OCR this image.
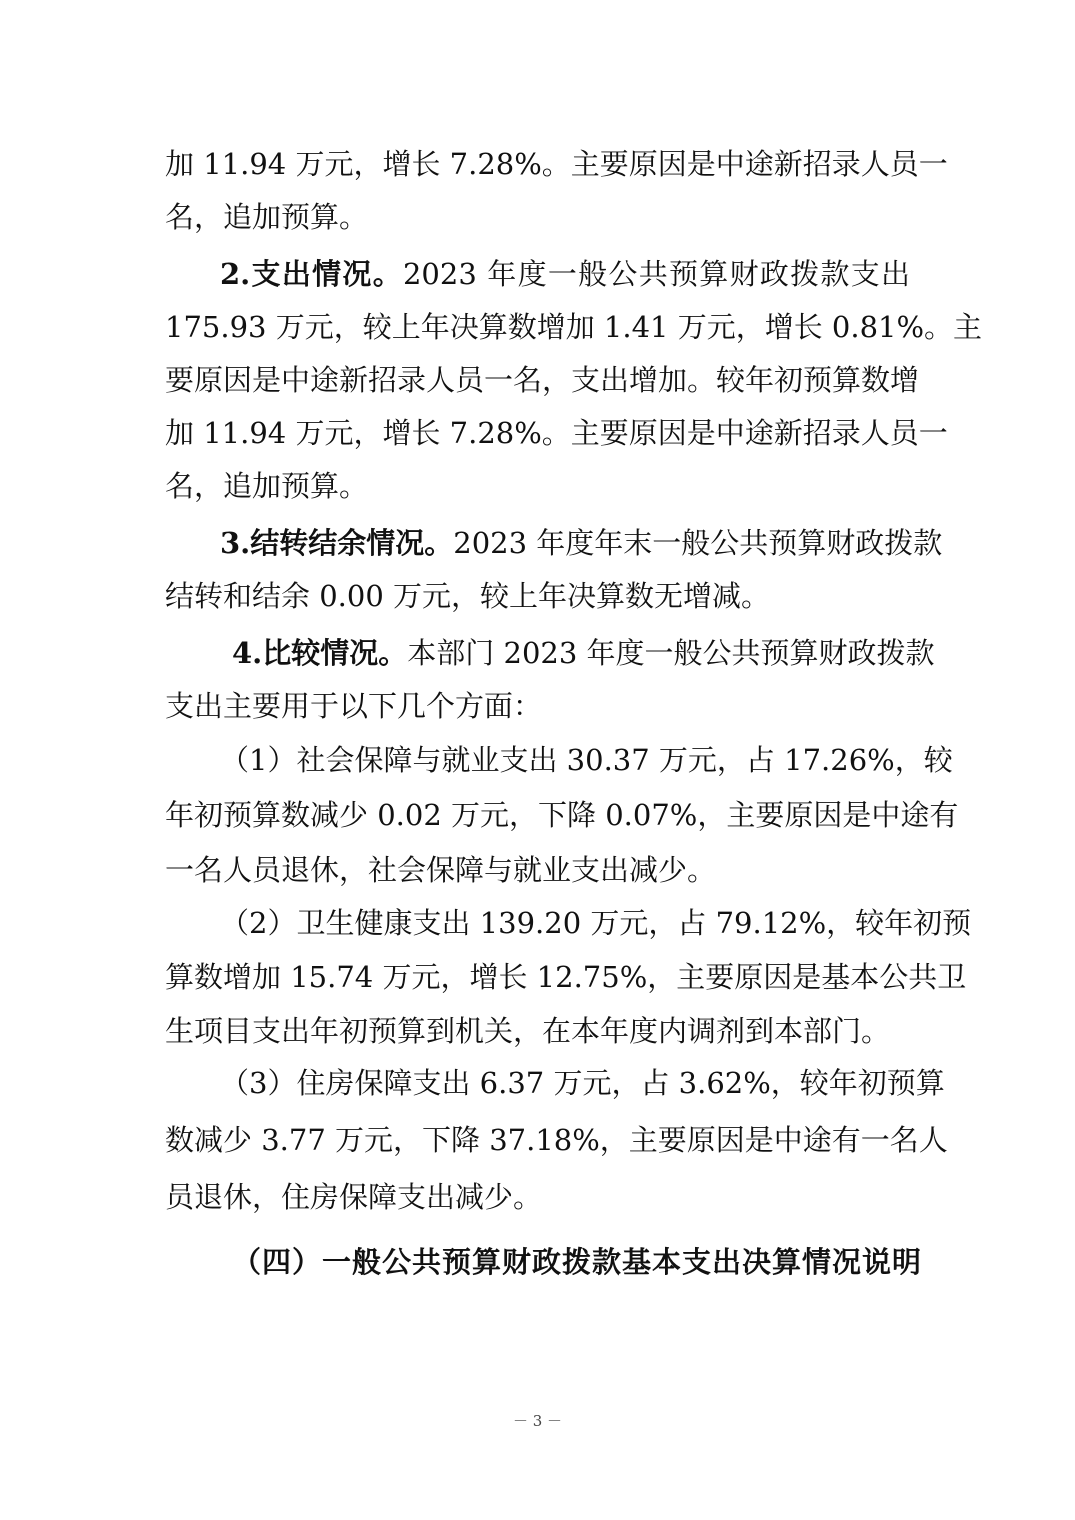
加 11.94 万元，增长 7.28%。主要原因是中途新招录人员一
名，追加预算。
2.支出情况。2023 年度一般公共预算财政拨款支出
175.93 万元，较上年决算数增加 1.41 万元，增长 0.81%。主
要原因是中途新招录人员一名，支出增加。较年初预算数增
加 11.94 万元，增长 7.28%。主要原因是中途新招录人员一
名，追加预算。
3.结转结余情况。2023 年度年末一般公共预算财政拨款
结转和结余 0.00 万元，较上年决算数无增减。
4.比较情况。本部门 2023 年度一般公共预算财政拨款
支出主要用于以下几个方面：
（1）社会保障与就业支出 30.37 万元，占 17.26%，较
年初预算数减少 0.02 万元，下降 0.07%，主要原因是中途有
一名人员退休，社会保障与就业支出减少。
（2）卫生健康支出 139.20 万元，占 79.12%，较年初预
算数增加 15.74 万元，增长 12.75%，主要原因是基本公共卫
生项目支出年初预算到机关，在本年度内调剂到本部门。
（3）住房保障支出 6.37 万元，占 3.62%，较年初预算
数减少 3.77 万元，下降 37.18%，主要原因是中途有一名人
员退休，住房保障支出减少。
（四）一般公共预算财政拨款基本支出决算情况说明
－ 3 －
